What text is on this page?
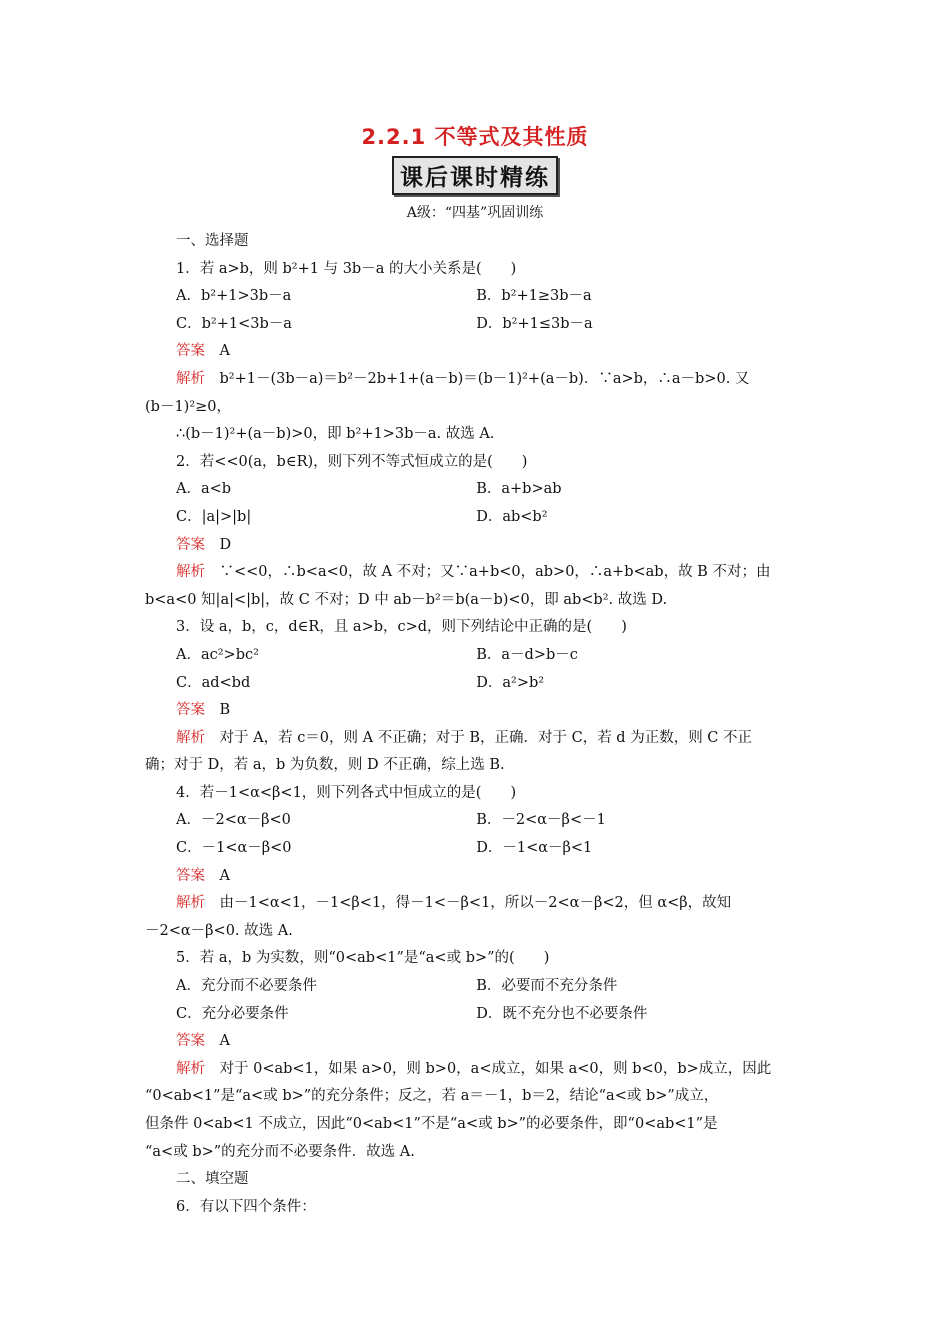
2.2.1 不等式及其性质
课后课时精练
A级：“四基”巩固训练
一、选择题
1．若 a>b，则 b²+1 与 3b－a 的大小关系是(　　)
A．b²+1>3b－a	B．b²+1≥3b－a
C．b²+1<3b－a	D．b²+1≤3b－a
答案　 A
解析　 b²+1－(3b－a)＝b²－2b+1+(a－b)＝(b－1)²+(a－b)．∵a>b，∴a－b>0. 又
(b－1)²≥0，
∴(b－1)²+(a－b)>0，即 b²+1>3b－a. 故选 A.
2．若<<0(a，b∈R)，则下列不等式恒成立的是(　　)
A．a<b	B．a+b>ab
C．|a|>|b|	D．ab<b²
答案　 D
解析　 ∵<<0，∴b<a<0，故 A 不对；又∵a+b<0，ab>0，∴a+b<ab，故 B 不对；由
b<a<0 知|a|<|b|，故 C 不对；D 中 ab－b²＝b(a－b)<0，即 ab<b². 故选 D.
3．设 a，b，c，d∈R，且 a>b，c>d，则下列结论中正确的是(　　)
A．ac²>bc²	B．a－d>b－c
C．ad<bd	D．a²>b²
答案　 B
解析　 对于 A，若 c＝0，则 A 不正确；对于 B，正确．对于 C，若 d 为正数，则 C 不正
确；对于 D，若 a，b 为负数，则 D 不正确，综上选 B.
4．若－1<α<β<1，则下列各式中恒成立的是(　　)
A．－2<α－β<0	B．－2<α－β<－1
C．－1<α－β<0	D．－1<α－β<1
答案　 A
解析　 由－1<α<1，－1<β<1，得－1<－β<1，所以－2<α－β<2，但 α<β，故知
－2<α－β<0. 故选 A.
5．若 a，b 为实数，则“0<ab<1”是“a<或 b>”的(　　)
A．充分而不必要条件	B．必要而不充分条件
C．充分必要条件	D．既不充分也不必要条件
答案　 A
解析　 对于 0<ab<1，如果 a>0，则 b>0，a<成立，如果 a<0，则 b<0，b>成立，因此
“0<ab<1”是“a<或 b>”的充分条件；反之，若 a＝－1，b＝2，结论“a<或 b>”成立，
但条件 0<ab<1 不成立，因此“0<ab<1”不是“a<或 b>”的必要条件，即“0<ab<1”是
“a<或 b>”的充分而不必要条件．故选 A.
二、填空题
6．有以下四个条件：
